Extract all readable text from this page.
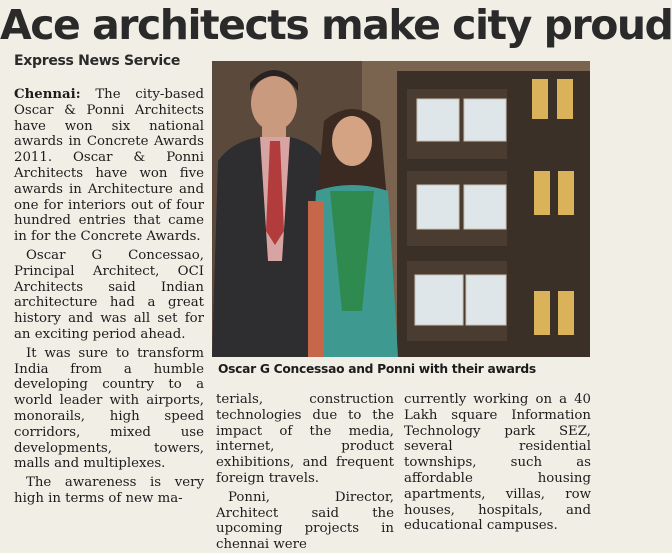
Ace architects make city proud
Express News Service

Chennai: The city-based Oscar & Ponni Architects have won six national awards in Concrete Awards 2011. Oscar & Ponni Architects have won five awards in Architecture and one for interiors out of four hundred entries that came in for the Concrete Awards.

Oscar G Concessao, Principal Architect, OCI Architects said Indian architecture had a great history and was all set for an exciting period ahead.

It was sure to transform India from a humble developing country to a world leader with airports, monorails, high speed corridors, mixed use developments, towers, malls and multiplexes.

The awareness is very high in terms of new ma-

Oscar G Concessao and Ponni with their awards

terials, construction technologies due to the impact of the media, internet, product exhibitions, and frequent foreign travels.

Ponni, Director, Architect said the upcoming projects in chennai were

currently working on a 40 Lakh square Information Technology park SEZ, several residential townships, such as affordable housing apartments, villas, row houses, hospitals, and educational campuses.
